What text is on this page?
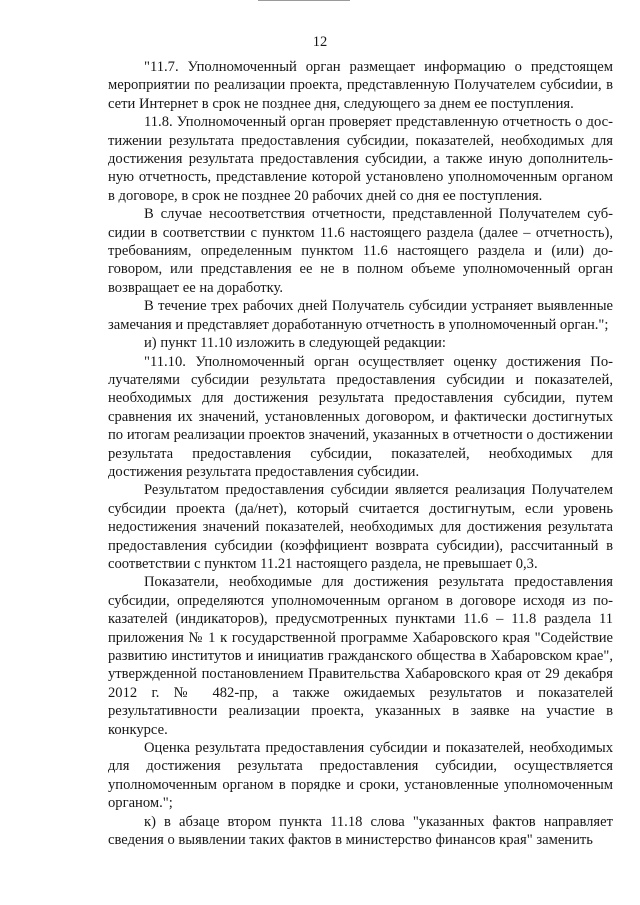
12

"11.7. Уполномоченный орган размещает информацию о предстоящем мероприятии по реализации проекта, представленную Получателем субсиdии, в сети Интернет в срок не позднее дня, следующего за днем ее поступления.

11.8. Уполномоченный орган проверяет представленную отчетность о достижении результата предоставления субсидии, показателей, необходимых для достижения результата предоставления субсидии, а также иную дополнительную отчетность, представление которой установлено уполномоченным органом в договоре, в срок не позднее 20 рабочих дней со дня ее поступления.

В случае несоответствия отчетности, представленной Получателем субсидии в соответствии с пунктом 11.6 настоящего раздела (далее – отчетность), требованиям, определенным пунктом 11.6 настоящего раздела и (или) договором, или представления ее не в полном объеме уполномоченный орган возвращает ее на доработку.

В течение трех рабочих дней Получатель субсидии устраняет выявленные замечания и представляет доработанную отчетность в уполномоченный орган.";

и) пункт 11.10 изложить в следующей редакции:

"11.10. Уполномоченный орган осуществляет оценку достижения Получателями субсидии результата предоставления субсидии и показателей, необходимых для достижения результата предоставления субсидии, путем сравнения их значений, установленных договором, и фактически достигнутых по итогам реализации проектов значений, указанных в отчетности о достижении результата предоставления субсидии, показателей, необходимых для достижения результата предоставления субсидии.

Результатом предоставления субсидии является реализация Получателем субсидии проекта (да/нет), который считается достигнутым, если уровень недостижения значений показателей, необходимых для достижения результата предоставления субсидии (коэффициент возврата субсидии), рассчитанный в соответствии с пунктом 11.21 настоящего раздела, не превышает 0,3.

Показатели, необходимые для достижения результата предоставления субсидии, определяются уполномоченным органом в договоре исходя из показателей (индикаторов), предусмотренных пунктами 11.6 – 11.8 раздела 11 приложения № 1 к государственной программе Хабаровского края "Содействие развитию институтов и инициатив гражданского общества в Хабаровском крае", утвержденной постановлением Правительства Хабаровского края от 29 декабря 2012 г. № 482-пр, а также ожидаемых результатов и показателей результативности реализации проекта, указанных в заявке на участие в конкурсе.

Оценка результата предоставления субсидии и показателей, необходимых для достижения результата предоставления субсидии, осуществляется уполномоченным органом в порядке и сроки, установленные уполномоченным органом.";

к) в абзаце втором пункта 11.18 слова "указанных фактов направляет сведения о выявлении таких фактов в министерство финансов края" заменить
